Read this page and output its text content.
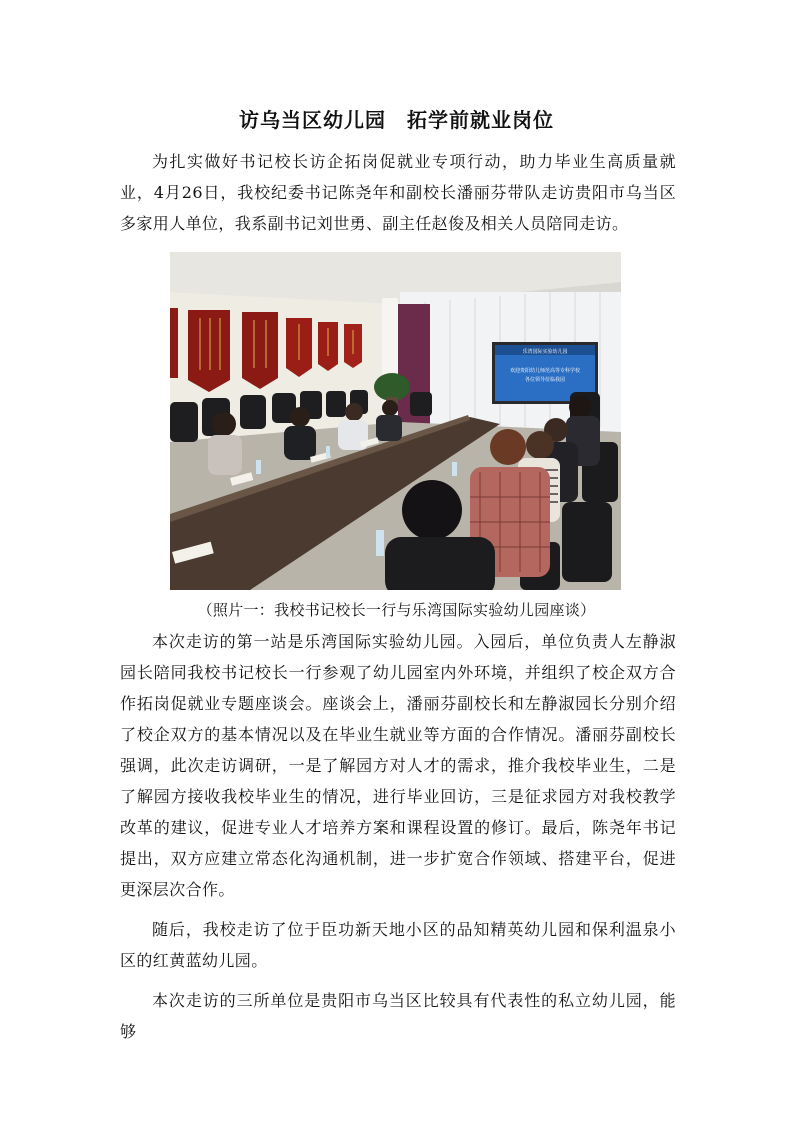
访乌当区幼儿园　拓学前就业岗位
为扎实做好书记校长访企拓岗促就业专项行动，助力毕业生高质量就业，4月26日，我校纪委书记陈尧年和副校长潘丽芬带队走访贵阳市乌当区多家用人单位，我系副书记刘世勇、副主任赵俊及相关人员陪同走访。
乐湾国际实验幼儿园
欢迎贵阳幼儿师范高等专科学校
各位领导莅临我园
（照片一：我校书记校长一行与乐湾国际实验幼儿园座谈）
本次走访的第一站是乐湾国际实验幼儿园。入园后，单位负责人左静淑园长陪同我校书记校长一行参观了幼儿园室内外环境，并组织了校企双方合作拓岗促就业专题座谈会。座谈会上，潘丽芬副校长和左静淑园长分别介绍了校企双方的基本情况以及在毕业生就业等方面的合作情况。潘丽芬副校长强调，此次走访调研，一是了解园方对人才的需求，推介我校毕业生，二是了解园方接收我校毕业生的情况，进行毕业回访，三是征求园方对我校教学改革的建议，促进专业人才培养方案和课程设置的修订。最后，陈尧年书记提出，双方应建立常态化沟通机制，进一步扩宽合作领域、搭建平台，促进更深层次合作。
随后，我校走访了位于臣功新天地小区的品知精英幼儿园和保利温泉小区的红黄蓝幼儿园。
本次走访的三所单位是贵阳市乌当区比较具有代表性的私立幼儿园，能够
